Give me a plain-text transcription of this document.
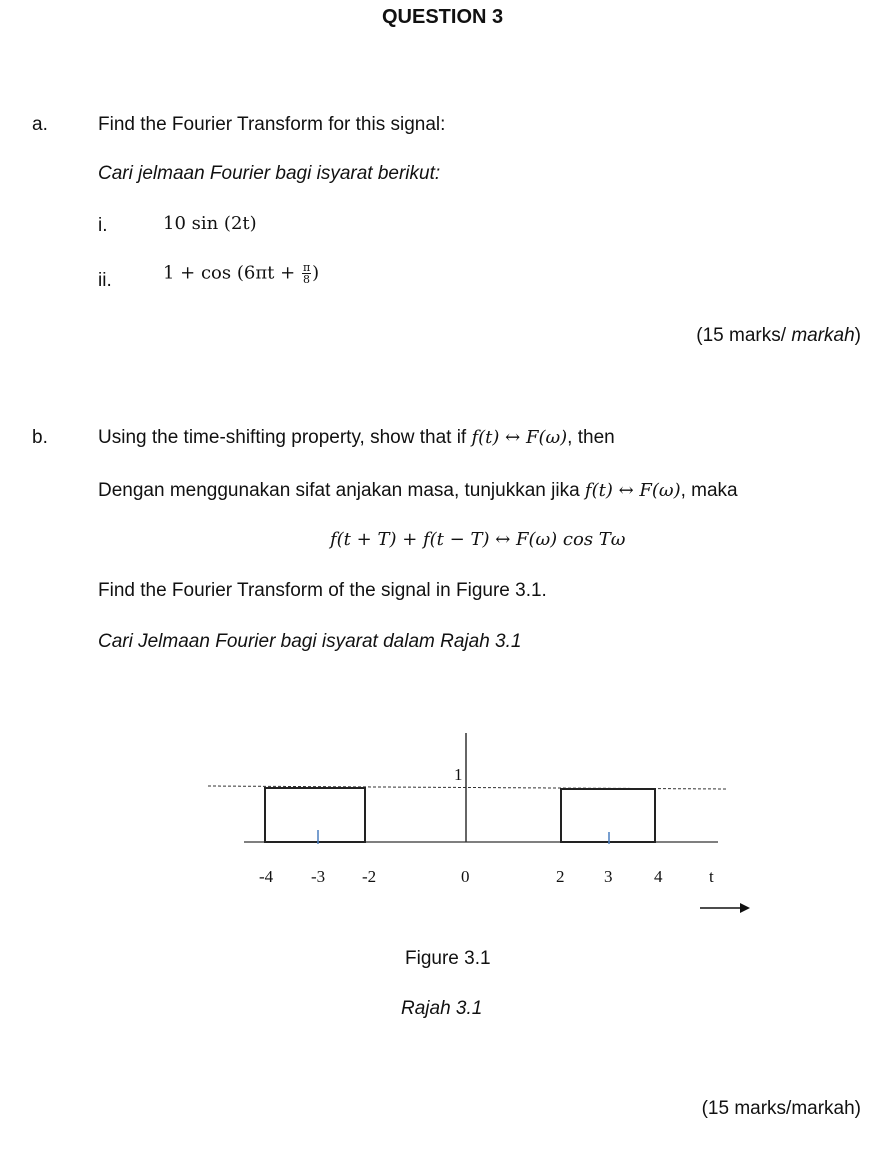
QUESTION 3
a.	Find the Fourier Transform for this signal:
Cari jelmaan Fourier bagi isyarat berikut:
i.	10 sin (2t)
ii.	$1 + \cos (6\pi t + \frac{\pi}{8}$ )
(15 marks/ markah)
b.	Using the time-shifting property, show that if f(t) ↔ F(ω), then
Dengan menggunakan sifat anjakan masa, tunjukkan jika f(t) ↔ F(ω), maka
f(t + T) + f(t − T) ↔ F(ω) cos Tω
Find the Fourier Transform of the signal in Figure 3.1.
Cari Jelmaan Fourier bagi isyarat dalam Rajah 3.1
1
-4 -3 -2	0	2 3 4	t
Figure 3.1
Rajah 3.1
(15 marks/markah)
